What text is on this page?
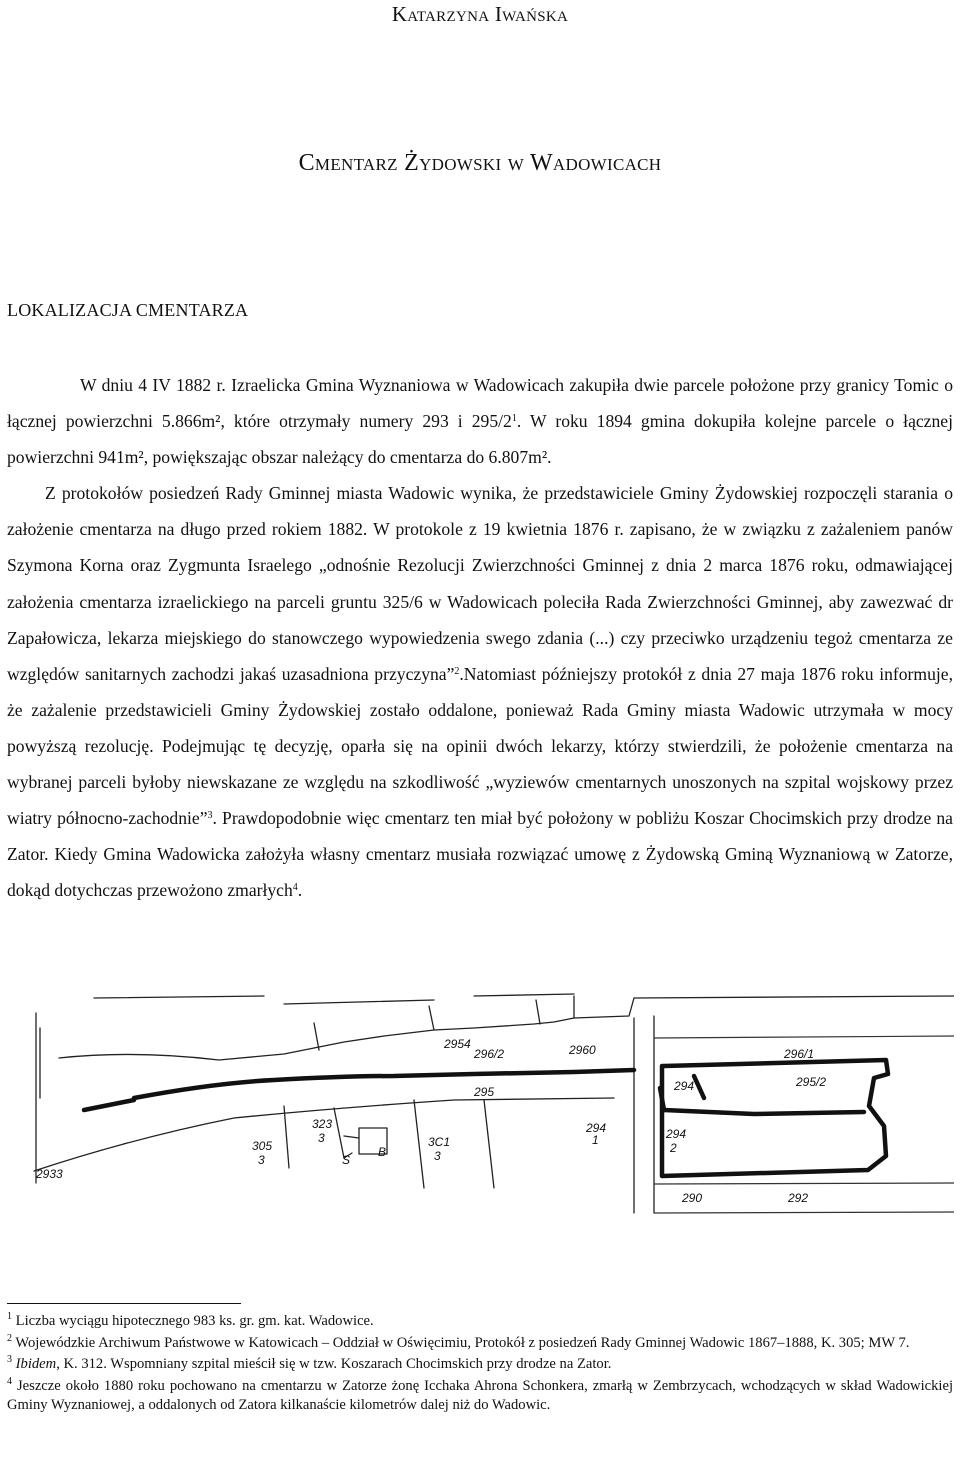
Katarzyna Iwańska
Cmentarz Żydowski w Wadowicach
LOKALIZACJA CMENTARZA

W dniu 4 IV 1882 r. Izraelicka Gmina Wyznaniowa w Wadowicach zakupiła dwie parcele położone przy granicy Tomic o łącznej powierzchni 5.866m², które otrzymały numery 293 i $295/2^1$. W roku 1894 gmina dokupiła kolejne parcele o łącznej powierzchni 941m², powiększając obszar należący do cmentarza do 6.807m².

Z protokołów posiedzeń Rady Gminnej miasta Wadowic wynika, że przedstawiciele Gminy Żydowskiej rozpoczęli starania o założenie cmentarza na długo przed rokiem 1882. W protokole z 19 kwietnia 1876 r. zapisano, że w związku z zażaleniem panów Szymona Korna oraz Zygmunta Israelego „odnośnie Rezolucji Zwierzchności Gminnej z dnia 2 marca 1876 roku, odmawiającej założenia cmentarza izraelickiego na parceli gruntu 325/6 w Wadowicach poleciła Rada Zwierzchności Gminnej, aby zawezwać dr Zapałowicza, lekarza miejskiego do stanowczego wypowiedzenia swego zdania (...) czy przeciwko urządzeniu tegoż cmentarza ze względów sanitarnych zachodzi jakaś uzasadniona przyczyna”$^2$.Natomiast późniejszy protokół z dnia 27 maja 1876 roku informuje, że zażalenie przedstawicieli Gminy Żydowskiej zostało oddalone, ponieważ Rada Gminy miasta Wadowic utrzymała w mocy powyższą rezolucję. Podejmując tę decyzję, oparła się na opinii dwóch lekarzy, którzy stwierdzili, że położenie cmentarza na wybranej parceli byłoby niewskazane ze względu na szkodliwość „wyziewów cmentarnych unoszonych na szpital wojskowy przez wiatry północno-zachodnie”$^3$. Prawdopodobnie więc cmentarz ten miał być położony w pobliżu Koszar Chocimskich przy drodze na Zator. Kiedy Gmina Wadowicka założyła własny cmentarz musiała rozwiązać umowę z Żydowską Gminą Wyznaniową w Zatorze, dokąd dotychczas przewożono zmarłych$^4$.

2933
305
3
323
3
S
B
3C1
3
294
1	294
2
295
2954	2960
296/2
294
296/1
295/2
290	292

$^1$ Liczba wyciągu hipotecznego 983 ks. gr. gm. kat. Wadowice.

$^2$ Wojewódzkie Archiwum Państwowe w Katowicach – Oddział w Oświęcimiu, Protokół z posiedzeń Rady Gminnej Wadowic 1867–1888, K. 305; MW 7.

$^3$ Ibidem, K. 312. Wspomniany szpital mieścił się w tzw. Koszarach Chocimskich przy drodze na Zator.

$^4$ Jeszcze około 1880 roku pochowano na cmentarzu w Zatorze żonę Icchaka Ahrona Schonkera, zmarłą w Zembrzycach, wchodzących w skład Wadowickiej Gminy Wyznaniowej, a oddalonych od Zatora kilkanaście kilometrów dalej niż do Wadowic.
